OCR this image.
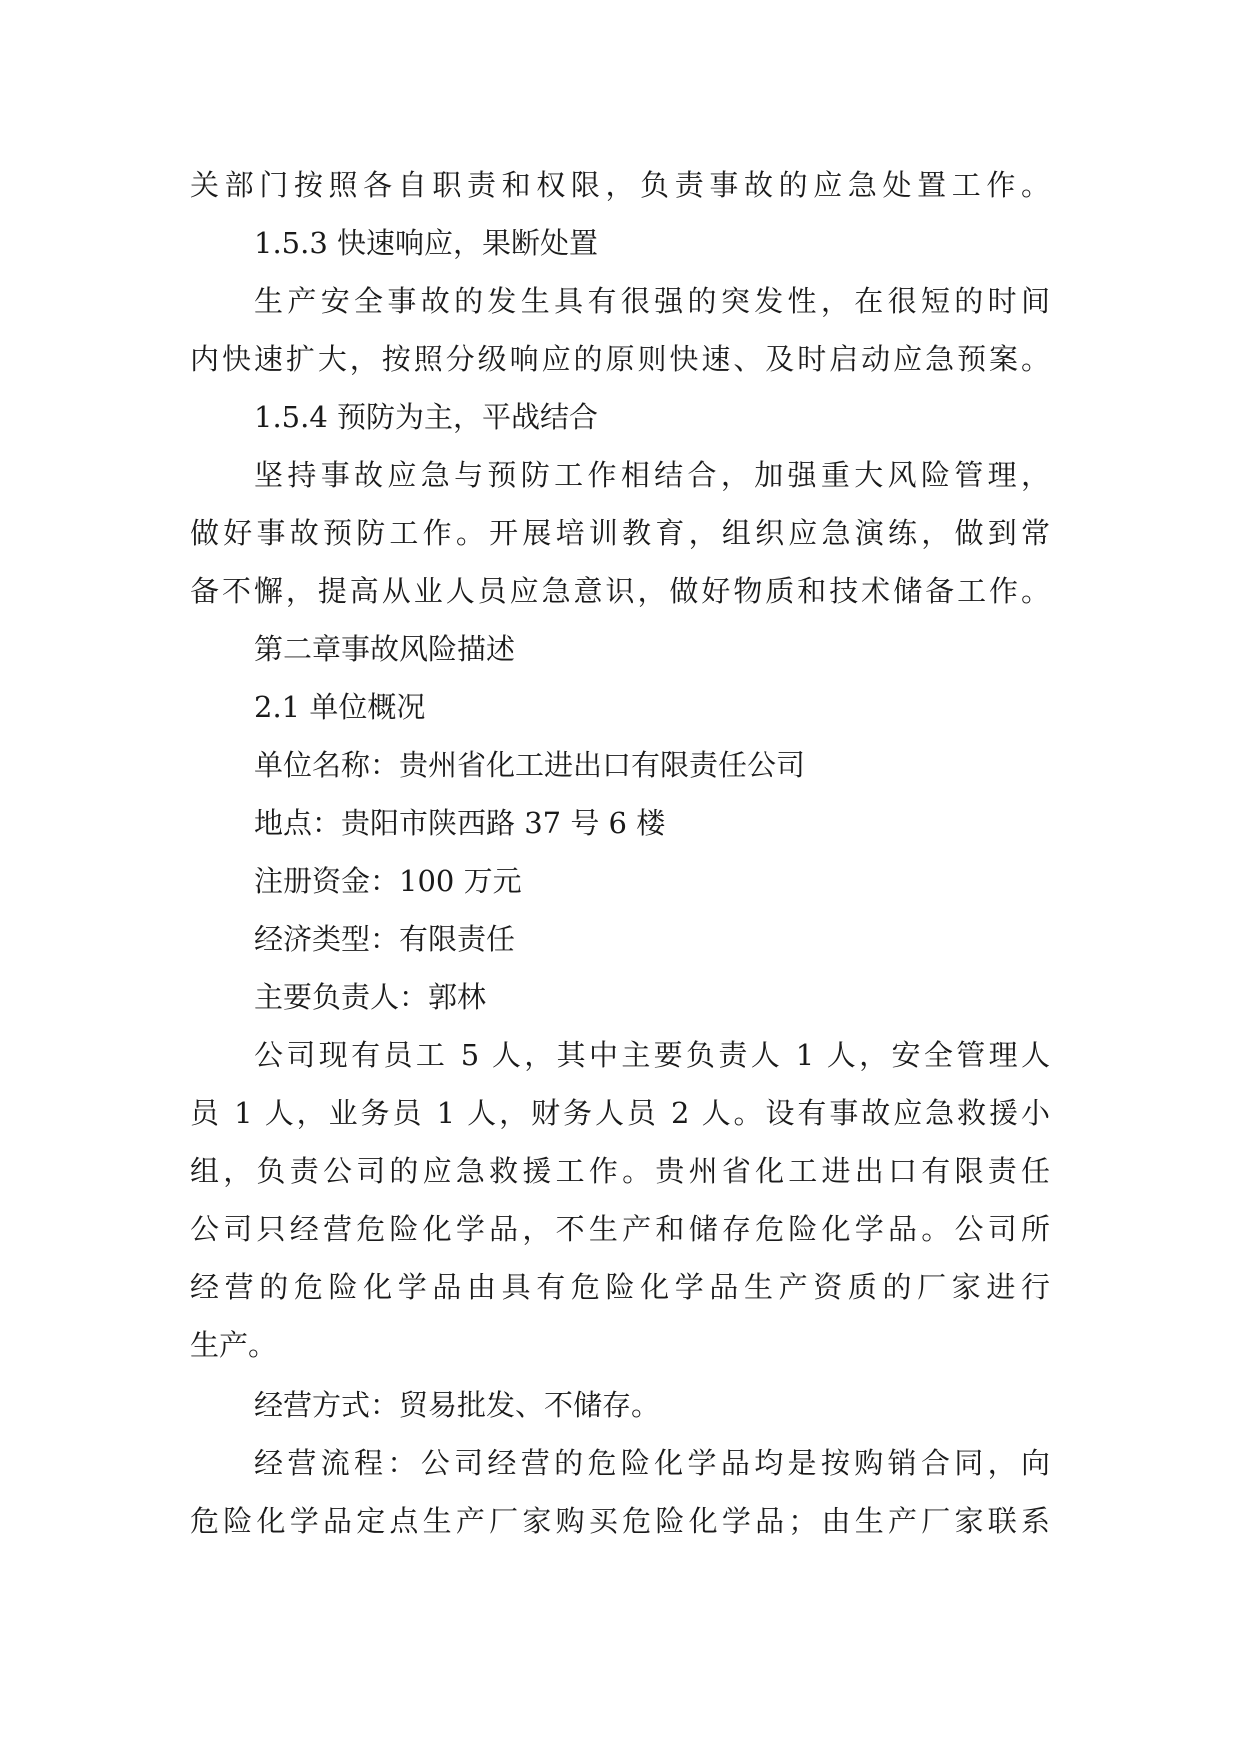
关部门按照各自职责和权限，负责事故的应急处置工作。
1.5.3 快速响应，果断处置
生产安全事故的发生具有很强的突发性，在很短的时间
内快速扩大，按照分级响应的原则快速、及时启动应急预案。
1.5.4 预防为主，平战结合
坚持事故应急与预防工作相结合，加强重大风险管理，
做好事故预防工作。开展培训教育，组织应急演练，做到常
备不懈，提高从业人员应急意识，做好物质和技术储备工作。
第二章事故风险描述
2.1 单位概况
单位名称：贵州省化工进出口有限责任公司
地点：贵阳市陕西路 37 号 6 楼
注册资金：100 万元
经济类型：有限责任
主要负责人：郭林
公司现有员工 5 人，其中主要负责人 1 人，安全管理人
员 1 人，业务员 1 人，财务人员 2 人。设有事故应急救援小
组，负责公司的应急救援工作。贵州省化工进出口有限责任
公司只经营危险化学品，不生产和储存危险化学品。公司所
经营的危险化学品由具有危险化学品生产资质的厂家进行
生产。
经营方式：贸易批发、不储存。
经营流程：公司经营的危险化学品均是按购销合同，向
危险化学品定点生产厂家购买危险化学品；由生产厂家联系
